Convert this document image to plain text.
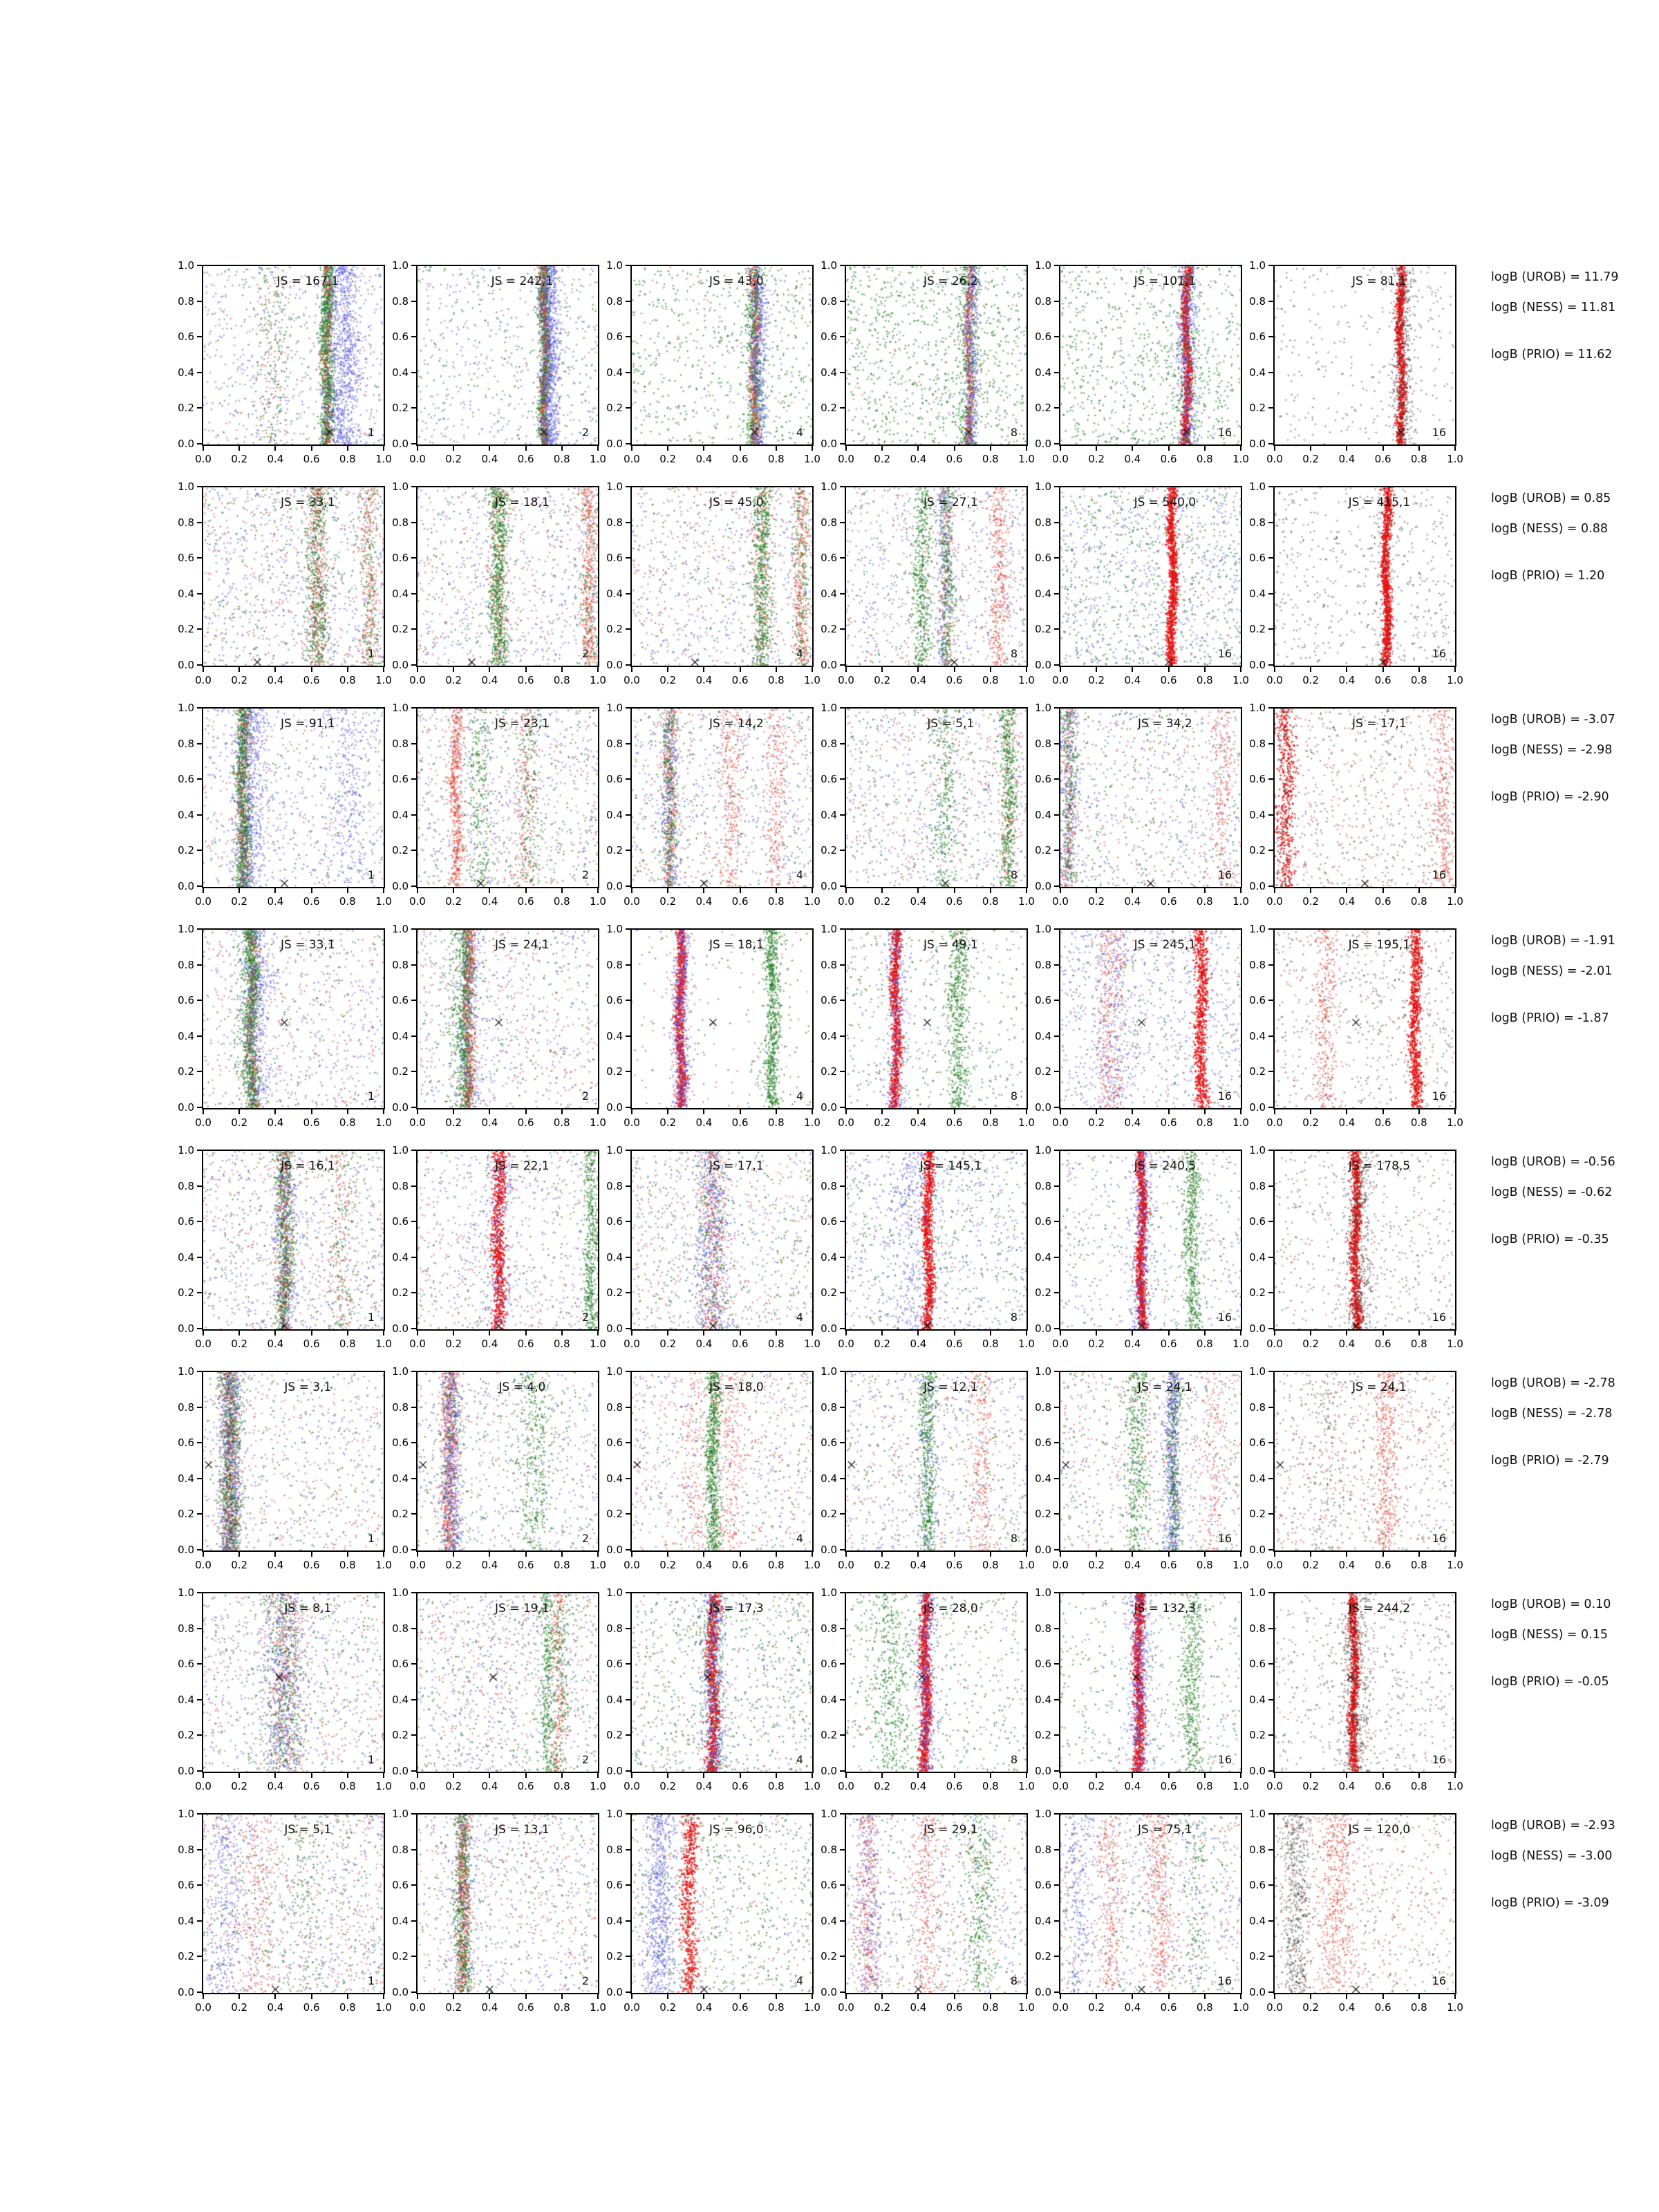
0.0
0.2
0.4
0.6
0.8
1.0
JS = 167,1
1
0.0	0.2	0.4	0.6	0.8	1.0
0.0
0.2
0.4
0.6
0.8
1.0
JS = 242,1
2
0.0	0.2	0.4	0.6	0.8	1.0
0.0
0.2
0.4
0.6
0.8
1.0
JS = 43,0
4
0.0	0.2	0.4	0.6	0.8	1.0
0.0
0.2
0.4
0.6
0.8
1.0
JS = 26,2
8
0.0	0.2	0.4	0.6	0.8	1.0
0.0
0.2
0.4
0.6
0.8
1.0
JS = 101,1
16
0.0	0.2	0.4	0.6	0.8	1.0
0.0
0.2
0.4
0.6
0.8
1.0
JS = 81,1
16
0.0	0.2	0.4	0.6	0.8	1.0
logB (UROB) = 11.79
logB (NESS) = 11.81
logB (PRIO) = 11.62
0.0
0.2
0.4
0.6
0.8
1.0
JS = 33,1
1
0.0	0.2	0.4	0.6	0.8	1.0
0.0
0.2
0.4
0.6
0.8
1.0
JS = 18,1
2
0.0	0.2	0.4	0.6	0.8	1.0
0.0
0.2
0.4
0.6
0.8
1.0
JS = 45,0
4
0.0	0.2	0.4	0.6	0.8	1.0
0.0
0.2
0.4
0.6
0.8
1.0
JS = 27,1
8
0.0	0.2	0.4	0.6	0.8	1.0
0.0
0.2
0.4
0.6
0.8
1.0
JS = 540,0
16
0.0	0.2	0.4	0.6	0.8	1.0
0.0
0.2
0.4
0.6
0.8
1.0
JS = 415,1
16
0.0	0.2	0.4	0.6	0.8	1.0
logB (UROB) = 0.85
logB (NESS) = 0.88
logB (PRIO) = 1.20
0.0
0.2
0.4
0.6
0.8
1.0
JS = 91,1
1
0.0	0.2	0.4	0.6	0.8	1.0
0.0
0.2
0.4
0.6
0.8
1.0
JS = 23,1
2
0.0	0.2	0.4	0.6	0.8	1.0
0.0
0.2
0.4
0.6
0.8
1.0
JS = 14,2
4
0.0	0.2	0.4	0.6	0.8	1.0
0.0
0.2
0.4
0.6
0.8
1.0
JS = 5,1
8
0.0	0.2	0.4	0.6	0.8	1.0
0.0
0.2
0.4
0.6
0.8
1.0
JS = 34,2
16
0.0	0.2	0.4	0.6	0.8	1.0
0.0
0.2
0.4
0.6
0.8
1.0
JS = 17,1
16
0.0	0.2	0.4	0.6	0.8	1.0
logB (UROB) = -3.07
logB (NESS) = -2.98
logB (PRIO) = -2.90
0.0
0.2
0.4
0.6
0.8
1.0
JS = 33,1
1
0.0	0.2	0.4	0.6	0.8	1.0
0.0
0.2
0.4
0.6
0.8
1.0
JS = 24,1
2
0.0	0.2	0.4	0.6	0.8	1.0
0.0
0.2
0.4
0.6
0.8
1.0
JS = 18,1
4
0.0	0.2	0.4	0.6	0.8	1.0
0.0
0.2
0.4
0.6
0.8
1.0
JS = 49,1
8
0.0	0.2	0.4	0.6	0.8	1.0
0.0
0.2
0.4
0.6
0.8
1.0
JS = 245,1
16
0.0	0.2	0.4	0.6	0.8	1.0
0.0
0.2
0.4
0.6
0.8
1.0
JS = 195,1
16
0.0	0.2	0.4	0.6	0.8	1.0
logB (UROB) = -1.91
logB (NESS) = -2.01
logB (PRIO) = -1.87
0.0
0.2
0.4
0.6
0.8
1.0
JS = 16,1
1
0.0	0.2	0.4	0.6	0.8	1.0
0.0
0.2
0.4
0.6
0.8
1.0
JS = 22,1
2
0.0	0.2	0.4	0.6	0.8	1.0
0.0
0.2
0.4
0.6
0.8
1.0
JS = 17,1
4
0.0	0.2	0.4	0.6	0.8	1.0
0.0
0.2
0.4
0.6
0.8
1.0
JS = 145,1
8
0.0	0.2	0.4	0.6	0.8	1.0
0.0
0.2
0.4
0.6
0.8
1.0
JS = 240,5
16
0.0	0.2	0.4	0.6	0.8	1.0
0.0
0.2
0.4
0.6
0.8
1.0
JS = 178,5
16
0.0	0.2	0.4	0.6	0.8	1.0
logB (UROB) = -0.56
logB (NESS) = -0.62
logB (PRIO) = -0.35
0.0
0.2
0.4
0.6
0.8
1.0
JS = 3,1
1
0.0	0.2	0.4	0.6	0.8	1.0
0.0
0.2
0.4
0.6
0.8
1.0
JS = 4,0
2
0.0	0.2	0.4	0.6	0.8	1.0
0.0
0.2
0.4
0.6
0.8
1.0
JS = 18,0
4
0.0	0.2	0.4	0.6	0.8	1.0
0.0
0.2
0.4
0.6
0.8
1.0
JS = 12,1
8
0.0	0.2	0.4	0.6	0.8	1.0
0.0
0.2
0.4
0.6
0.8
1.0
JS = 24,1
16
0.0	0.2	0.4	0.6	0.8	1.0
0.0
0.2
0.4
0.6
0.8
1.0
JS = 24,1
16
0.0	0.2	0.4	0.6	0.8	1.0
logB (UROB) = -2.78
logB (NESS) = -2.78
logB (PRIO) = -2.79
0.0
0.2
0.4
0.6
0.8
1.0
JS = 8,1
1
0.0	0.2	0.4	0.6	0.8	1.0
0.0
0.2
0.4
0.6
0.8
1.0
JS = 19,1
2
0.0	0.2	0.4	0.6	0.8	1.0
0.0
0.2
0.4
0.6
0.8
1.0
JS = 17,3
4
0.0	0.2	0.4	0.6	0.8	1.0
0.0
0.2
0.4
0.6
0.8
1.0
JS = 28,0
8
0.0	0.2	0.4	0.6	0.8	1.0
0.0
0.2
0.4
0.6
0.8
1.0
JS = 132,3
16
0.0	0.2	0.4	0.6	0.8	1.0
0.0
0.2
0.4
0.6
0.8
1.0
JS = 244,2
16
0.0	0.2	0.4	0.6	0.8	1.0
logB (UROB) = 0.10
logB (NESS) = 0.15
logB (PRIO) = -0.05
0.0
0.2
0.4
0.6
0.8
1.0
JS = 5,1
1
0.0	0.2	0.4	0.6	0.8	1.0
0.0
0.2
0.4
0.6
0.8
1.0
JS = 13,1
2
0.0	0.2	0.4	0.6	0.8	1.0
0.0
0.2
0.4
0.6
0.8
1.0
JS = 96,0
4
0.0	0.2	0.4	0.6	0.8	1.0
0.0
0.2
0.4
0.6
0.8
1.0
JS = 29,1
8
0.0	0.2	0.4	0.6	0.8	1.0
0.0
0.2
0.4
0.6
0.8
1.0
JS = 75,1
16
0.0	0.2	0.4	0.6	0.8	1.0
0.0
0.2
0.4
0.6
0.8
1.0
JS = 120,0
16
0.0	0.2	0.4	0.6	0.8	1.0
logB (UROB) = -2.93
logB (NESS) = -3.00
logB (PRIO) = -3.09
